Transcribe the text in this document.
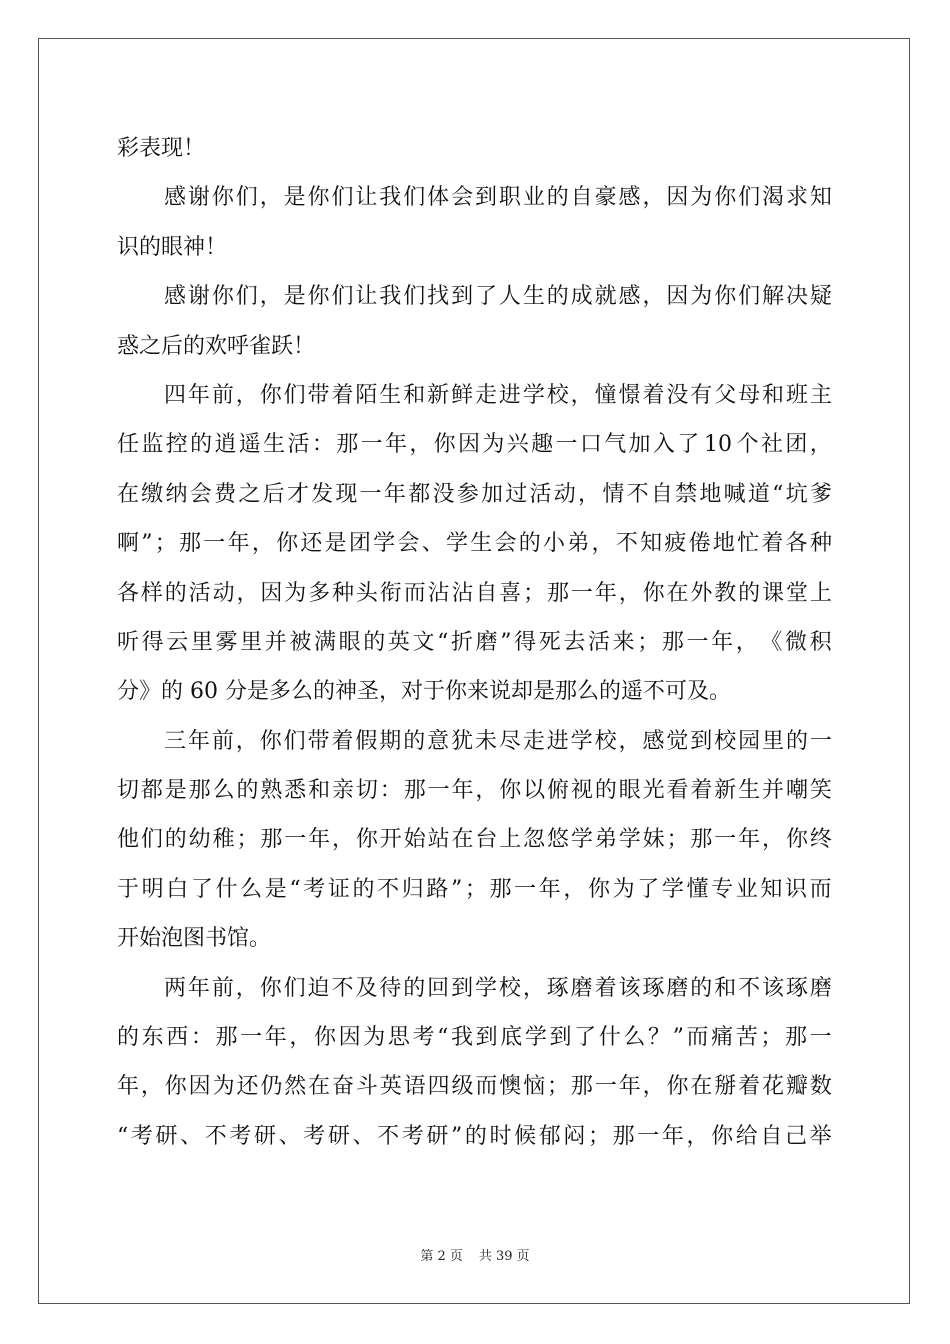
彩表现！
感 谢 你 们 ， 是 你 们 让 我 们 体 会 到 职 业 的 自 豪 感 ， 因 为 你 们 渴 求 知
识的眼神！
感 谢 你 们 ， 是 你 们 让 我 们 找 到 了 人 生 的 成 就 感 ， 因 为 你 们 解 决 疑
惑之后的欢呼雀跃！
四 年 前 ， 你 们 带 着 陌 生 和 新 鲜 走 进 学 校 ， 憧 憬 着 没 有 父 母 和 班 主
任 监 控 的 逍 遥 生 活 ： 那 一 年 ， 你 因 为 兴 趣 一 口 气 加 入 了 10 个 社 团 ，
在 缴 纳 会 费 之 后 才 发 现 一 年 都 没 参 加 过 活 动 ， 情 不 自 禁 地 喊 道 “ 坑 爹
啊 ” ； 那 一 年 ， 你 还 是 团 学 会 、 学 生 会 的 小 弟 ， 不 知 疲 倦 地 忙 着 各 种
各 样 的 活 动 ， 因 为 多 种 头 衔 而 沾 沾 自 喜 ； 那 一 年 ， 你 在 外 教 的 课 堂 上
听 得 云 里 雾 里 并 被 满 眼 的 英 文 “ 折 磨 ” 得 死 去 活 来 ； 那 一 年 ， 《 微 积
分》的 60 分是多么的神圣，对于你来说却是那么的遥不可及。
三 年 前 ， 你 们 带 着 假 期 的 意 犹 未 尽 走 进 学 校 ， 感 觉 到 校 园 里 的 一
切 都 是 那 么 的 熟 悉 和 亲 切 ： 那 一 年 ， 你 以 俯 视 的 眼 光 看 着 新 生 并 嘲 笑
他 们 的 幼 稚 ； 那 一 年 ， 你 开 始 站 在 台 上 忽 悠 学 弟 学 妹 ； 那 一 年 ， 你 终
于 明 白 了 什 么 是 “ 考 证 的 不 归 路 ” ； 那 一 年 ， 你 为 了 学 懂 专 业 知 识 而
开始泡图书馆。
两 年 前 ， 你 们 迫 不 及 待 的 回 到 学 校 ， 琢 磨 着 该 琢 磨 的 和 不 该 琢 磨
的 东 西 ： 那 一 年 ， 你 因 为 思 考 “ 我 到 底 学 到 了 什 么 ？ ” 而 痛 苦 ； 那 一
年 ， 你 因 为 还 仍 然 在 奋 斗 英 语 四 级 而 懊 恼 ； 那 一 年 ， 你 在 掰 着 花 瓣 数
“ 考 研 、 不 考 研 、 考 研 、 不 考 研 ” 的 时 候 郁 闷 ； 那 一 年 ， 你 给 自 己 举
第 2 页 共 39 页
